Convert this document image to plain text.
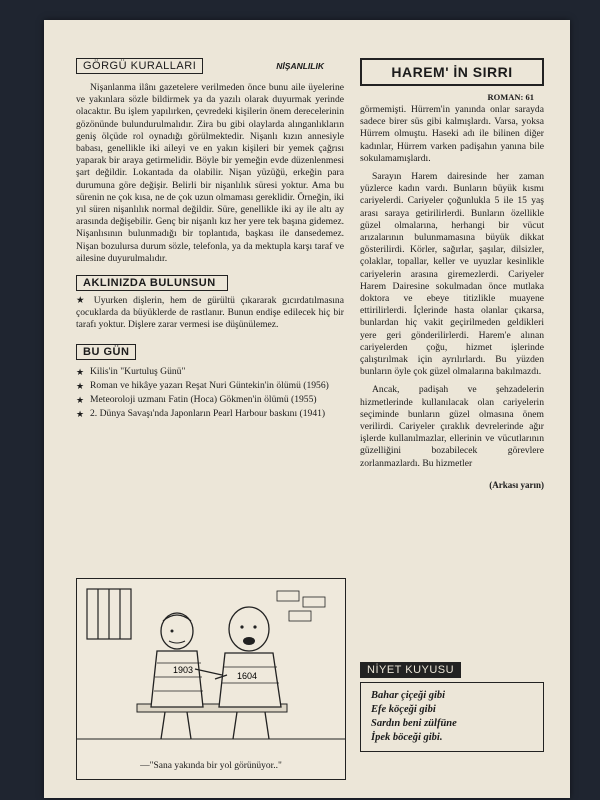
GÖRGÜ KURALLARI	NİŞANLILIK

Nişanlanma ilânı gazetelere verilmeden önce bunu aile üyelerine ve yakınlara sözle bildirmek ya da yazılı olarak duyurmak yerinde olacaktır. Bu işlem yapılırken, çevredeki kişilerin önem derecelerinin gözönünde bulundurulmalıdır. Zira bu gibi olaylarda alınganlıkların geniş ölçüde rol oynadığı görülmektedir. Nişanlı kızın annesiyle babası, genellikle iki aileyi ve en yakın kişileri bir yemek çağrısı yaparak bir araya getirmelidir. Böyle bir yemeğin evde düzenlenmesi şart değildir. Lokantada da olabilir. Nişan yüzüğü, erkeğin para durumuna göre değişir. Belirli bir nişanlılık süresi yoktur. Ama bu sürenin ne çok kısa, ne de çok uzun olmaması gereklidir. Örneğin, iki yıl süren nişanlılık normal değildir. Süre, genellikle iki ay ile altı ay arasında değişebilir. Genç bir nişanlı kız her yere tek başına gidemez. Nişanlısının bulunmadığı bir toplantıda, başkası ile dansedemez. Nişan bozulursa durum sözle, telefonla, ya da mektupla karşı taraf ve ailesine duyurulmalıdır.

AKLINIZDA BULUNSUN

★ Uyurken dişlerin, hem de gürültü çıkararak gıcırdatılmasına çocuklarda da büyüklerde de rastlanır. Bunun endişe edilecek hiç bir tarafı yoktur. Dişlere zarar vermesi ise düşünülemez.

BU GÜN
★ Kilis'in "Kurtuluş Günü"
★ Roman ve hikâye yazarı Reşat Nuri Güntekin'in ölümü (1956)
★ Meteoroloji uzmanı Fatin (Hoca) Gökmen'in ölümü (1955)
★ 2. Dünya Savaşı'nda Japonların Pearl Harbour baskını (1941)
1903
1604
—"Sana yakında bir yol görünüyor.."
HAREM' İN SIRRI
ROMAN: 61

görmemişti. Hürrem'in yanında onlar sarayda sadece birer süs gibi kalmışlardı. Varsa, yoksa Hürrem olmuştu. Haseki adı ile bilinen diğer kadınlar, Hürrem varken padişahın yanına bile sokulamamışlardı.

Sarayın Harem dairesinde her zaman yüzlerce kadın vardı. Bunların büyük kısmı cariyelerdi. Cariyeler çoğunlukla 5 ile 15 yaş arası saraya getirilirlerdi. Bunların özellikle güzel olmalarına, herhangi bir vücut arızalarının bulunmamasına büyük dikkat gösterilirdi. Körler, sağırlar, şaşılar, dilsizler, çolaklar, topallar, keller ve uyuzlar kesinlikle cariyelerin arasına giremezlerdi. Cariyeler Harem Dairesine sokulmadan önce mutlaka doktora ve ebeye titizlikle muayene ettirilirlerdi. İçlerinde hasta olanlar çıkarsa, bunlardan hiç vakit geçirilmeden geldikleri yere geri gönderilirlerdi. Harem'e alınan cariyelerden çoğu, hizmet işlerinde çalıştırılmak için ayrılırlardı. Bu yüzden bunların öyle çok güzel olmalarına bakılmazdı.

Ancak, padişah ve şehzadelerin hizmetlerinde kullanılacak olan cariyelerin seçiminde bunların güzel olmasına önem verilirdi. Cariyeler çıraklık devrelerinde ağır işlerde kullanılmazlar, ellerinin ve vücutlarının güzelliğini bozabilecek görevlere zorlanmazlardı. Bu hizmetler

(Arkası yarın)
NİYET KUYUSU
Bahar çiçeği gibi
Efe köçeği gibi
Sardın beni zülfüne
İpek böceği gibi.
